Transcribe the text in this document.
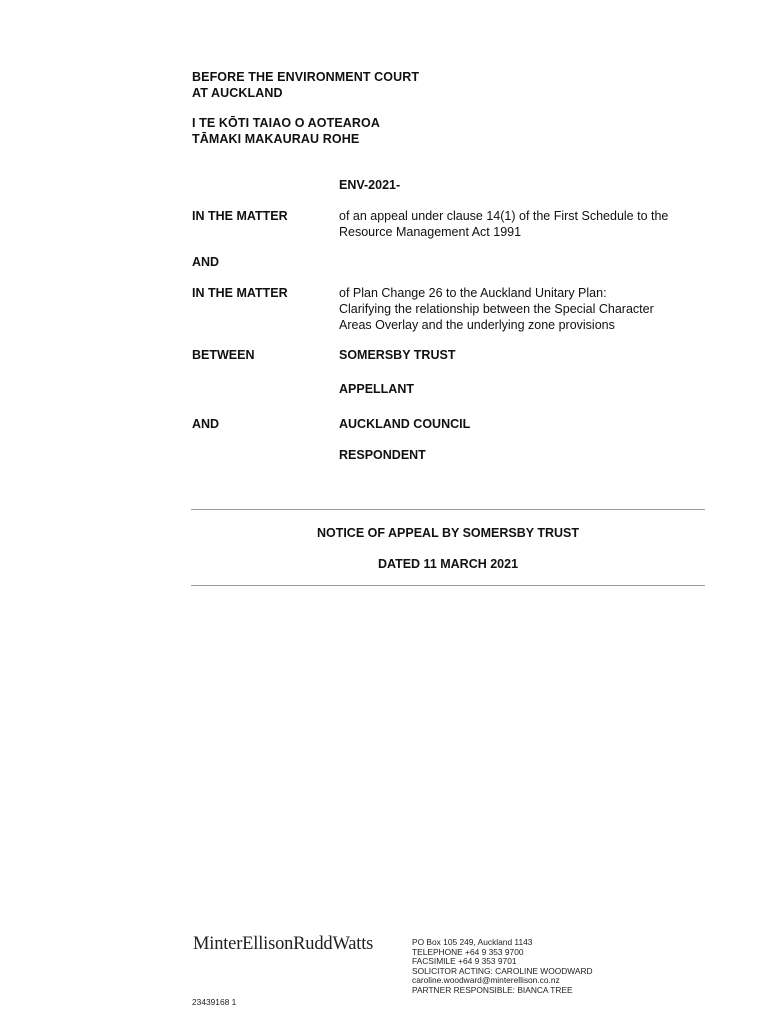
BEFORE THE ENVIRONMENT COURT
AT AUCKLAND
I TE KŌTI TAIAO O AOTEAROA
TĀMAKI MAKAURAU ROHE
ENV-2021-
IN THE MATTER	of an appeal under clause 14(1) of the First Schedule to the
Resource Management Act 1991
AND
IN THE MATTER	of Plan Change 26 to the Auckland Unitary Plan:
Clarifying the relationship between the Special Character
Areas Overlay and the underlying zone provisions
BETWEEN	SOMERSBY TRUST
APPELLANT
AND	AUCKLAND COUNCIL
RESPONDENT
NOTICE OF APPEAL BY SOMERSBY TRUST
DATED 11 MARCH 2021
MinterEllisonRuddWatts	PO Box 105 249, Auckland 1143
TELEPHONE +64 9 353 9700
FACSIMILE +64 9 353 9701
SOLICITOR ACTING: CAROLINE WOODWARD
caroline.woodward@minterellison.co.nz
PARTNER RESPONSIBLE: BIANCA TREE
23439168 1
